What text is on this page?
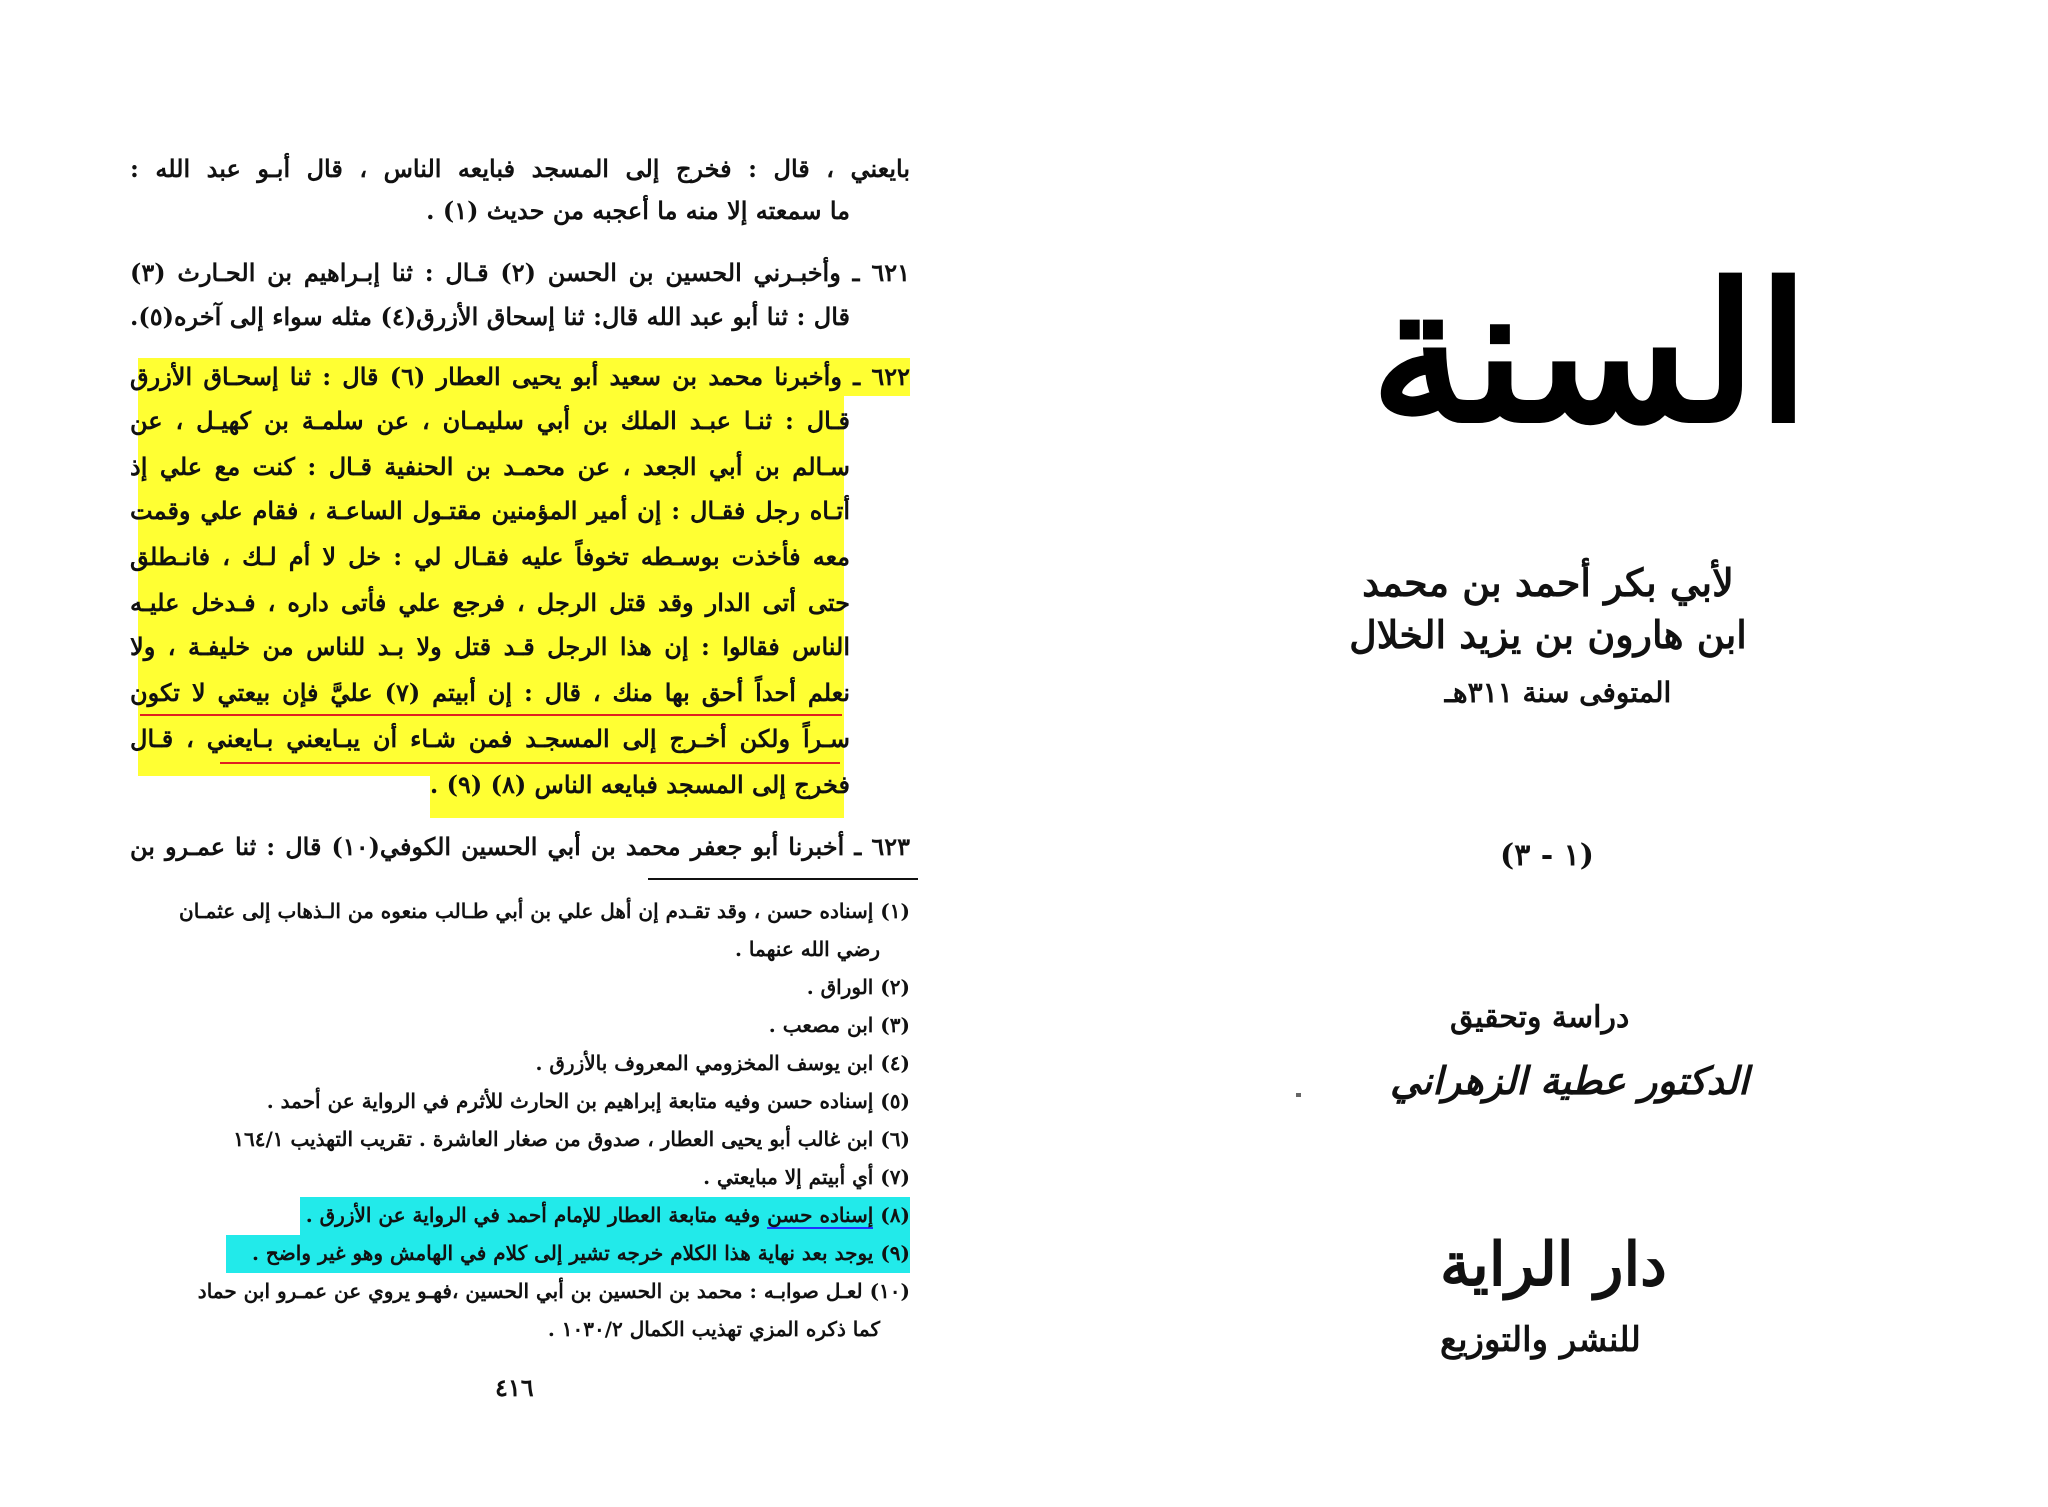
بايعني ، قال : فخرج إلى المسجد فبايعه الناس ، قال أبـو عبد الله :
ما سمعته إلا منه ما أعجبه من حديث (١) .
٦٢١ ـ وأخبـرني الحسين بن الحسن (٢) قـال : ثنا إبـراهيم بن الحـارث (٣)
قال : ثنا أبو عبد الله قال: ثنا إسحاق الأزرق(٤) مثله سواء إلى آخره(٥).
٦٢٢ ـ وأخبرنا محمد بن سعيد أبو يحيى العطار (٦) قال : ثنا إسحـاق الأزرق
قـال : ثنـا عبـد الملك بن أبي سليمـان ، عن سلمـة بن كهيـل ، عن
سـالم بن أبي الجعد ، عن محمـد بن الحنفية قـال : كنت مع علي إذ
أتـاه رجل فقـال : إن أمير المؤمنين مقتـول الساعـة ، فقام علي وقمت
معه فأخذت بوسـطه تخوفاً عليه فقـال لي : خل لا أم لـك ، فانـطلق
حتى أتى الدار وقد قتل الرجل ، فرجع علي فأتى داره ، فـدخل عليـه
الناس فقالوا : إن هذا الرجل قـد قتل ولا بـد للناس من خليفـة ، ولا
نعلم أحداً أحق بها منك ، قال : إن أبيتم (٧) عليَّ فإن بيعتي لا تكون
سـراً ولكن أخـرج إلى المسجـد فمن شـاء أن يبـايعني بـايعني ، قـال
فخرج إلى المسجد فبايعه الناس (٨) (٩) .
٦٢٣ ـ أخبرنا أبو جعفر محمد بن أبي الحسين الكوفي(١٠) قال : ثنا عمـرو بن
(١) إسناده حسن ، وقد تقـدم إن أهل علي بن أبي طـالب منعوه من الـذهاب إلى عثمـان
رضي الله عنهما .
(٢) الوراق .
(٣) ابن مصعب .
(٤) ابن يوسف المخزومي المعروف بالأزرق .
(٥) إسناده حسن وفيه متابعة إبراهيم بن الحارث للأثرم في الرواية عن أحمد .
(٦) ابن غالب أبو يحيى العطار ، صدوق من صغار العاشرة . تقريب التهذيب ١٦٤/١
(٧) أي أبيتم إلا مبايعتي .
(٨) إسناده حسن وفيه متابعة العطار للإمام أحمد في الرواية عن الأزرق .
(٩) يوجد بعد نهاية هذا الكلام خرجه تشير إلى كلام في الهامش وهو غير واضح .
(١٠) لعـل صوابـه : محمد بن الحسين بن أبي الحسين ،فهـو يروي عن عمـرو ابن حماد
كما ذكره المزي تهذيب الكمال ١٠٣٠/٢ .
٤١٦
السنة
لأبي بكر أحمد بن محمد
ابن هارون بن يزيد الخلال
المتوفى سنة ٣١١هـ
(١ - ٣)
دراسة وتحقيق
الدكتور عطية الزهراني
دار الراية
للنشر والتوزيع
